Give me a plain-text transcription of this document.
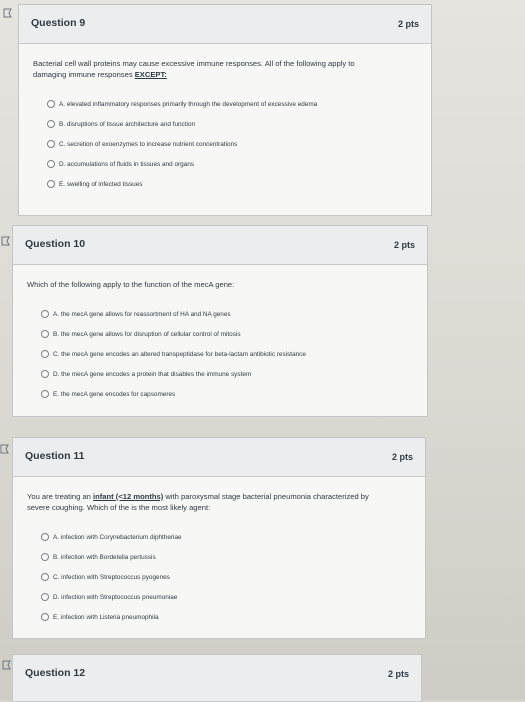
Question 9	2 pts

Bacterial cell wall proteins may cause excessive immune responses. All of the following apply to
damaging immune responses EXCEPT:

A. elevated inflammatory responses primarily through the development of excessive edema
B. disruptions of tissue architecture and function
C. secretion of exoenzymes to increase nutrient concentrations
D. accumulations of fluids in tissues and organs
E. swelling of infected tissues
Question 10	2 pts

Which of the following apply to the function of the mecA gene:

A. the mecA gene allows for reassortment of HA and NA genes
B. the mecA gene allows for disruption of cellular control of mitosis
C. the mecA gene encodes an altered transpeptidase for beta-lactam antibiotic resistance
D. the mecA gene encodes a protein that disables the immune system
E. the mecA gene encodes for capsomeres
Question 11	2 pts

You are treating an infant (<12 months) with paroxysmal stage bacterial pneumonia characterized by
severe coughing. Which of the is the most likely agent:

A. infection with Corynebacterium diphtheriae
B. infection with Bordetella pertussis
C. infection with Streptococcus pyogenes
D. infection with Streptococcus pneumoniae
E. infection with Listeria pneumophila
Question 12	2 pts
